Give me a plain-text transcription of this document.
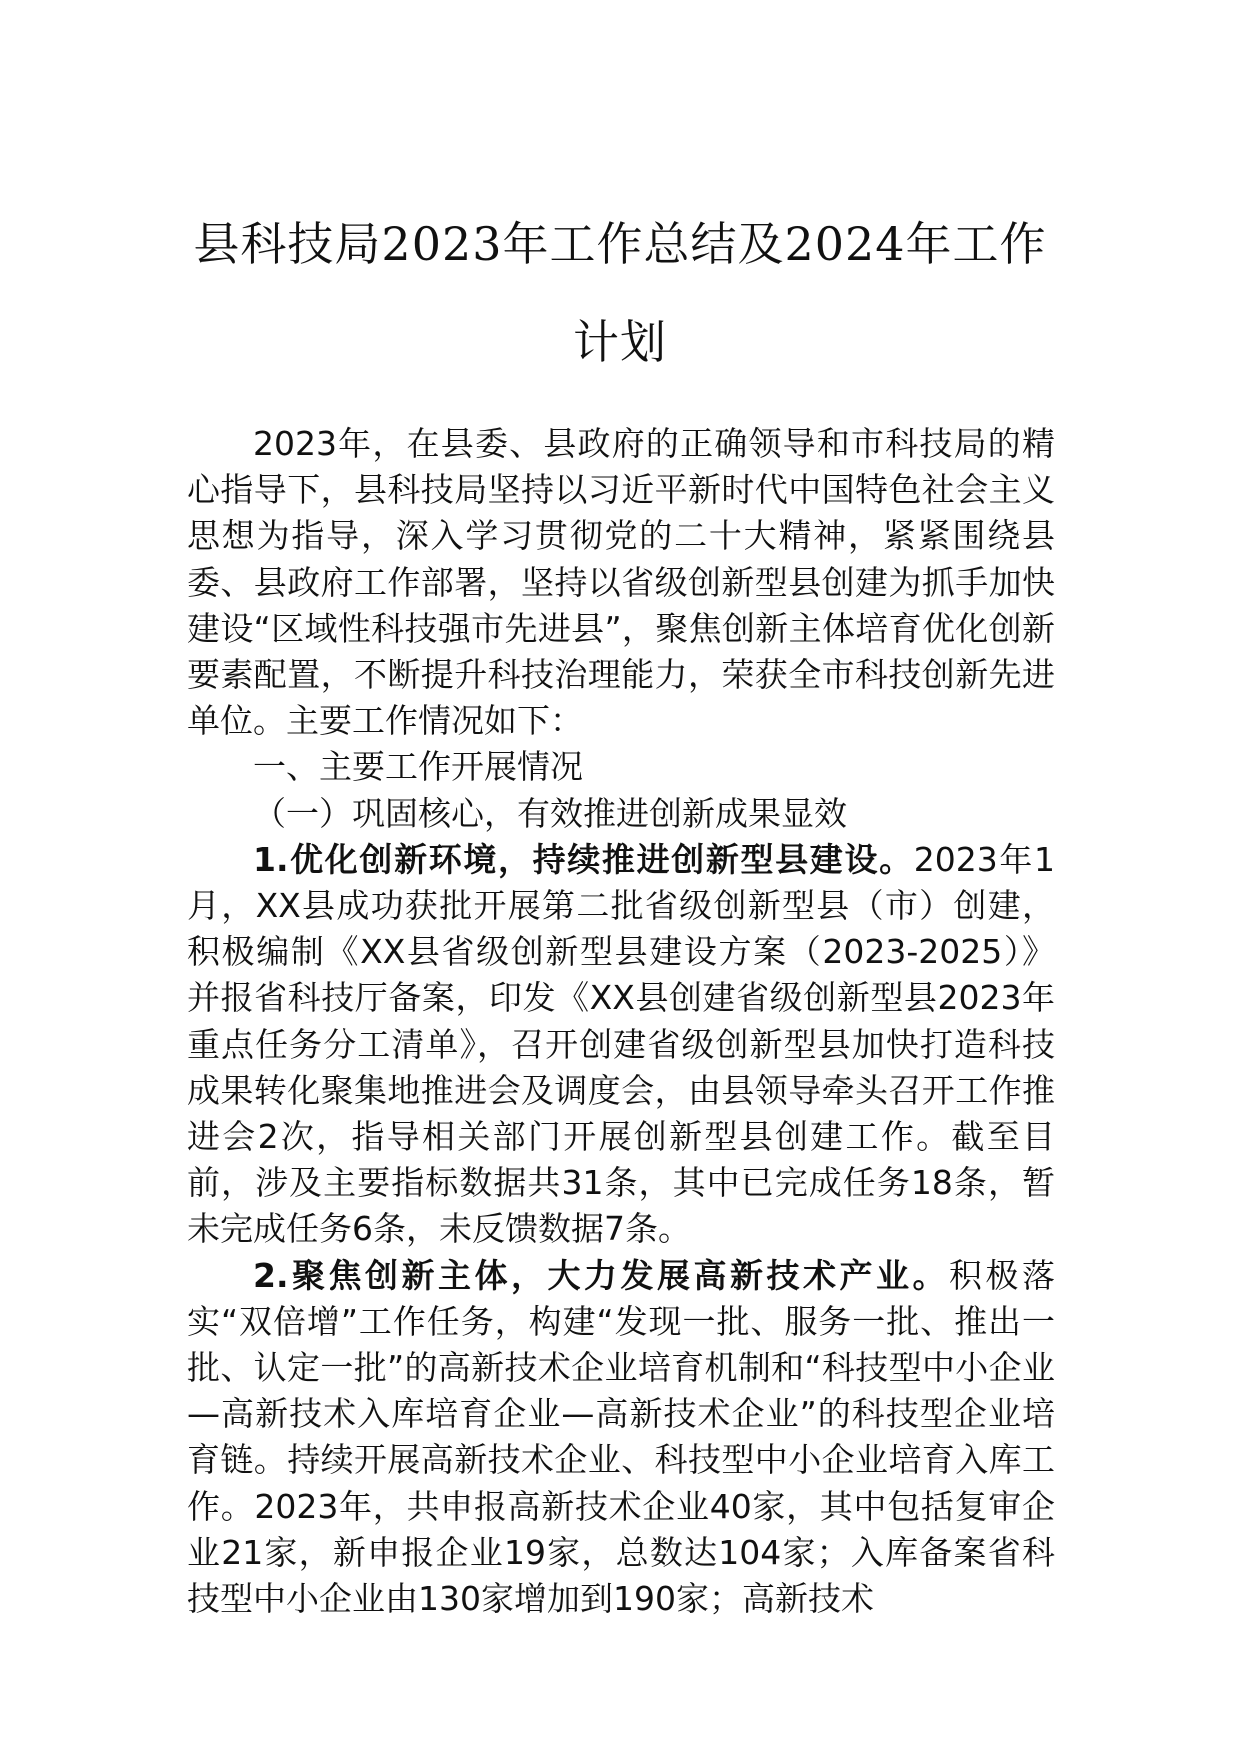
县科技局2023年工作总结及2024年工作计划

2023年，在县委、县政府的正确领导和市科技局的精心指导下，县科技局坚持以习近平新时代中国特色社会主义思想为指导，深入学习贯彻党的二十大精神，紧紧围绕县委、县政府工作部署，坚持以省级创新型县创建为抓手加快建设“区域性科技强市先进县”，聚焦创新主体培育优化创新要素配置，不断提升科技治理能力，荣获全市科技创新先进单位。主要工作情况如下：

一、主要工作开展情况

（一）巩固核心，有效推进创新成果显效

1.优化创新环境，持续推进创新型县建设。2023年1月，XX县成功获批开展第二批省级创新型县（市）创建，积极编制《XX县省级创新型县建设方案（2023-2025）》并报省科技厅备案，印发《XX县创建省级创新型县2023年重点任务分工清单》，召开创建省级创新型县加快打造科技成果转化聚集地推进会及调度会，由县领导牵头召开工作推进会2次，指导相关部门开展创新型县创建工作。截至目前，涉及主要指标数据共31条，其中已完成任务18条，暂未完成任务6条，未反馈数据7条。

2.聚焦创新主体，大力发展高新技术产业。积极落实“双倍增”工作任务，构建“发现一批、服务一批、推出一批、认定一批”的高新技术企业培育机制和“科技型中小企业—高新技术入库培育企业—高新技术企业”的科技型企业培育链。持续开展高新技术企业、科技型中小企业培育入库工作。2023年，共申报高新技术企业40家，其中包括复审企业21家，新申报企业19家，总数达104家；入库备案省科技型中小企业由130家增加到190家；高新技术
